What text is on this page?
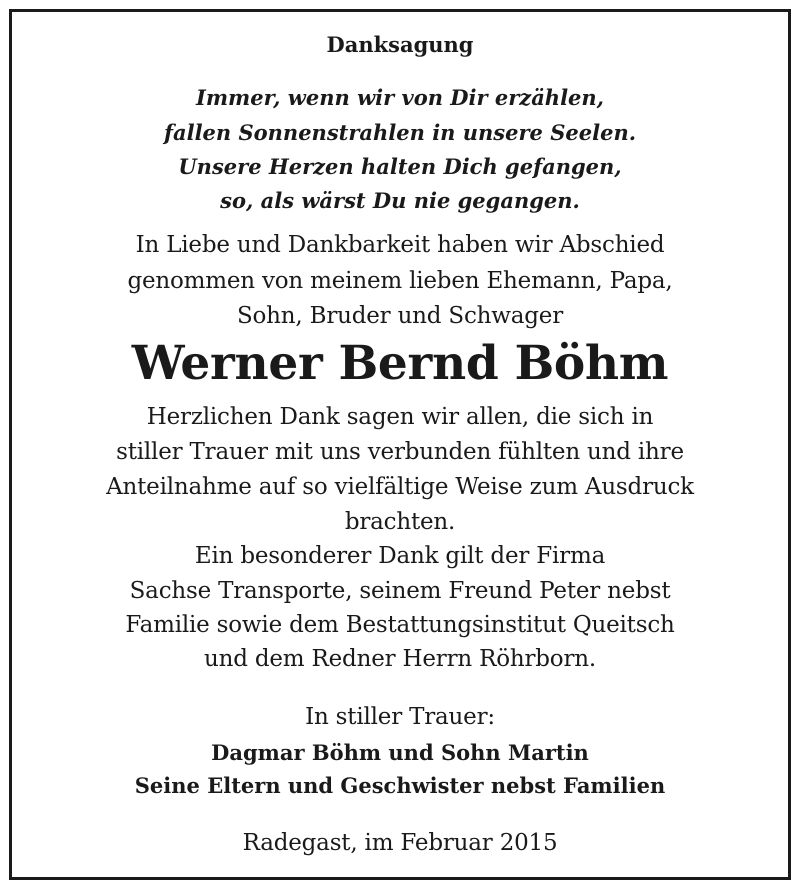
Danksagung

Immer, wenn wir von Dir erzählen,

fallen Sonnenstrahlen in unsere Seelen.

Unsere Herzen halten Dich gefangen,

so, als wärst Du nie gegangen.

In Liebe und Dankbarkeit haben wir Abschied

genommen von meinem lieben Ehemann, Papa,

Sohn, Bruder und Schwager

Werner Bernd Böhm

Herzlichen Dank sagen wir allen, die sich in

stiller Trauer mit uns verbunden fühlten und ihre

Anteilnahme auf so vielfältige Weise zum Ausdruck

brachten.

Ein besonderer Dank gilt der Firma

Sachse Transporte, seinem Freund Peter nebst

Familie sowie dem Bestattungsinstitut Queitsch

und dem Redner Herrn Röhrborn.

In stiller Trauer:

Dagmar Böhm und Sohn Martin

Seine Eltern und Geschwister nebst Familien

Radegast, im Februar 2015
